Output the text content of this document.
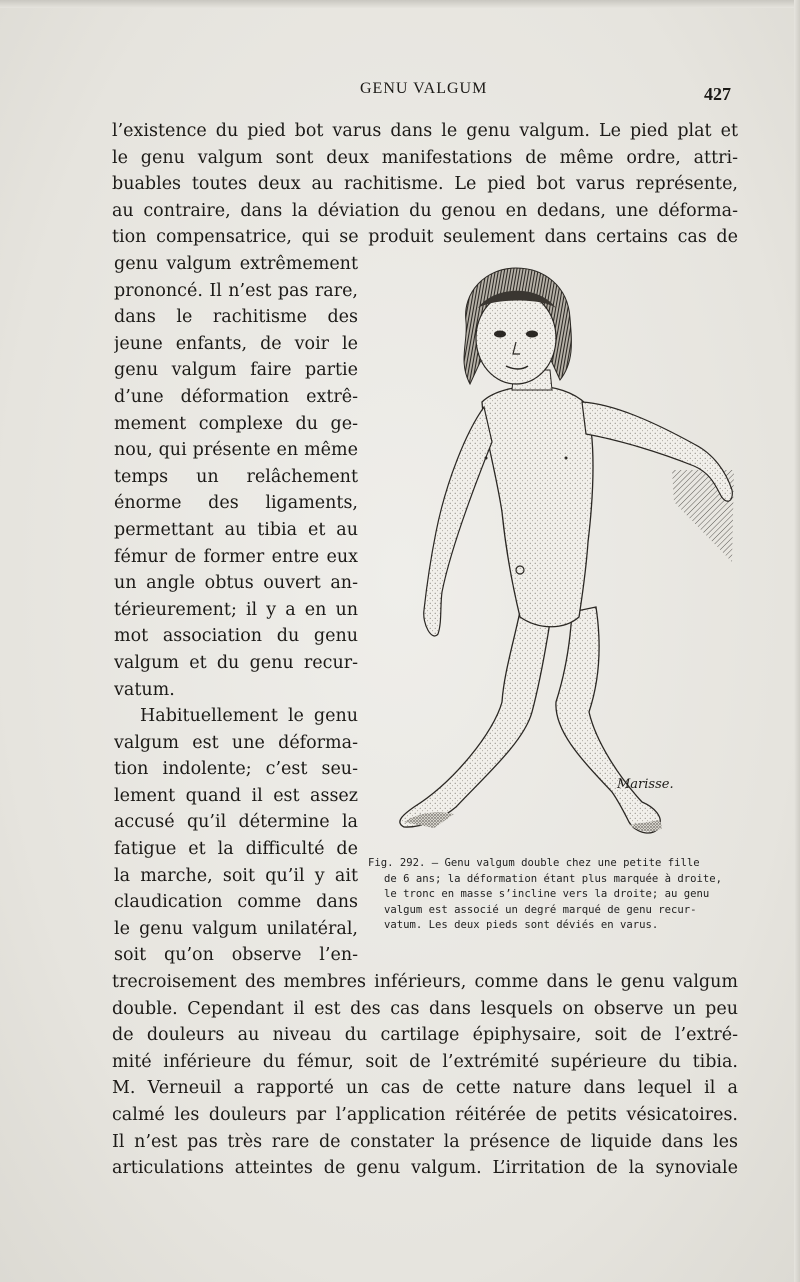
GENU VALGUM	427
l’existence du pied bot varus dans le genu valgum. Le pied plat et
le genu valgum sont deux manifestations de même ordre, attri-
buables toutes deux au rachitisme. Le pied bot varus représente,
au contraire, dans la déviation du genou en dedans, une déforma-
tion compensatrice, qui se produit seulement dans certains cas de
genu valgum extrêmement
prononcé. Il n’est pas rare,
dans le rachitisme des
jeune enfants, de voir le
genu valgum faire partie
d’une déformation extrê-
mement complexe du ge-
nou, qui présente en même
temps un relâchement
énorme des ligaments,
permettant au tibia et au
fémur de former entre eux
un angle obtus ouvert an-
térieurement; il y a en un
mot association du genu
valgum et du genu recur-
vatum.
Habituellement le genu
valgum est une déforma-
tion indolente; c’est seu-
lement quand il est assez
accusé qu’il détermine la
fatigue et la difficulté de
la marche, soit qu’il y ait
claudication comme dans
le genu valgum unilatéral,
soit qu’on observe l’en-
Marisse.
Fig. 292. — Genu valgum double chez une petite fille
de 6 ans; la déformation étant plus marquée à droite,
le tronc en masse s’incline vers la droite; au genu
valgum est associé un degré marqué de genu recur-
vatum. Les deux pieds sont déviés en varus.
trecroisement des membres inférieurs, comme dans le genu valgum
double. Cependant il est des cas dans lesquels on observe un peu
de douleurs au niveau du cartilage épiphysaire, soit de l’extré-
mité inférieure du fémur, soit de l’extrémité supérieure du tibia.
M. Verneuil a rapporté un cas de cette nature dans lequel il a
calmé les douleurs par l’application réitérée de petits vésicatoires.
Il n’est pas très rare de constater la présence de liquide dans les
articulations atteintes de genu valgum. L’irritation de la synoviale
